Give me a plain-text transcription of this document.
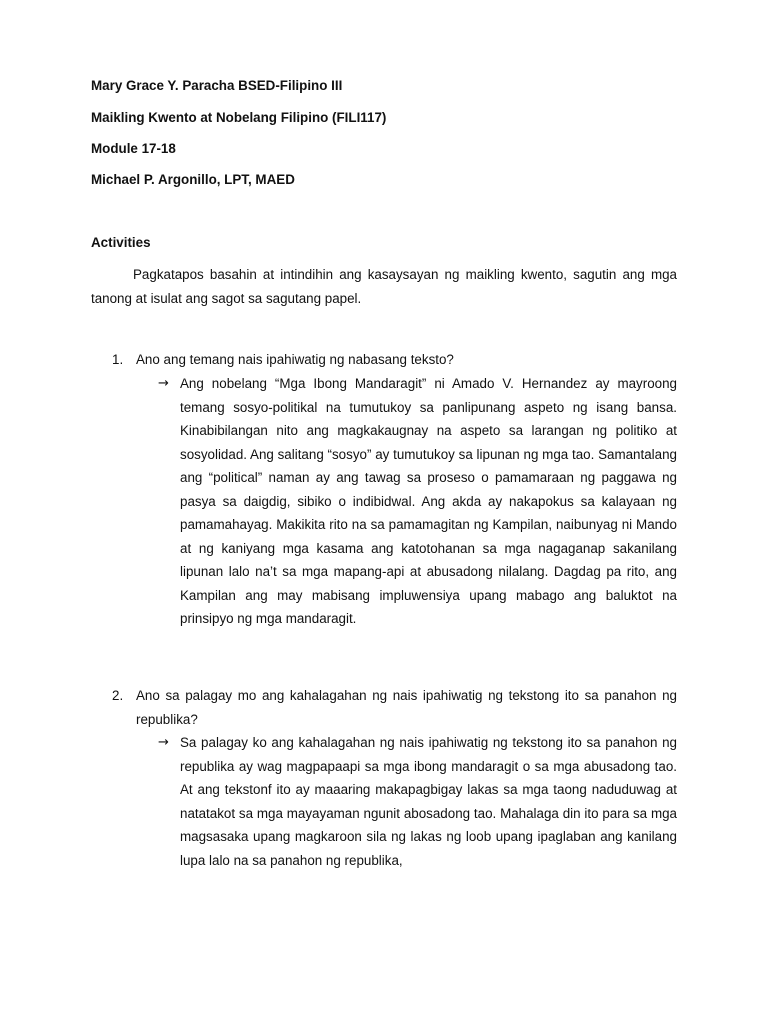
Mary Grace Y. Paracha BSED-Filipino III
Maikling Kwento at Nobelang Filipino (FILI117)
Module 17-18
Michael P. Argonillo, LPT, MAED
Activities
Pagkatapos basahin at intindihin ang kasaysayan ng maikling kwento, sagutin ang mga tanong at isulat ang sagot sa sagutang papel.
1. Ano ang temang nais ipahiwatig ng nabasang teksto?
→ Ang nobelang “Mga Ibong Mandaragit” ni Amado V. Hernandez ay mayroong temang sosyo-politikal na tumutukoy sa panlipunang aspeto ng isang bansa. Kinabibilangan nito ang magkakaugnay na aspeto sa larangan ng politiko at sosyolidad. Ang salitang “sosyo” ay tumutukoy sa lipunan ng mga tao. Samantalang ang “political” naman ay ang tawag sa proseso o pamamaraan ng paggawa ng pasya sa daigdig, sibiko o indibidwal. Ang akda ay nakapokus sa kalayaan ng pamamahayag. Makikita rito na sa pamamagitan ng Kampilan, naibunyag ni Mando at ng kaniyang mga kasama ang katotohanan sa mga nagaganap sakanilang lipunan lalo na’t sa mga mapang-api at abusadong nilalang. Dagdag pa rito, ang Kampilan ang may mabisang impluwensiya upang mabago ang baluktot na prinsipyo ng mga mandaragit.
2. Ano sa palagay mo ang kahalagahan ng nais ipahiwatig ng tekstong ito sa panahon ng republika?
→ Sa palagay ko ang kahalagahan ng nais ipahiwatig ng tekstong ito sa panahon ng republika ay wag magpapaapi sa mga ibong mandaragit o sa mga abusadong tao. At ang tekstonf ito ay maaaring makapagbigay lakas sa mga taong naduduwag at natatakot sa mga mayayaman ngunit abosadong tao. Mahalaga din ito para sa mga magsasaka upang magkaroon sila ng lakas ng loob upang ipaglaban ang kanilang lupa lalo na sa panahon ng republika,
